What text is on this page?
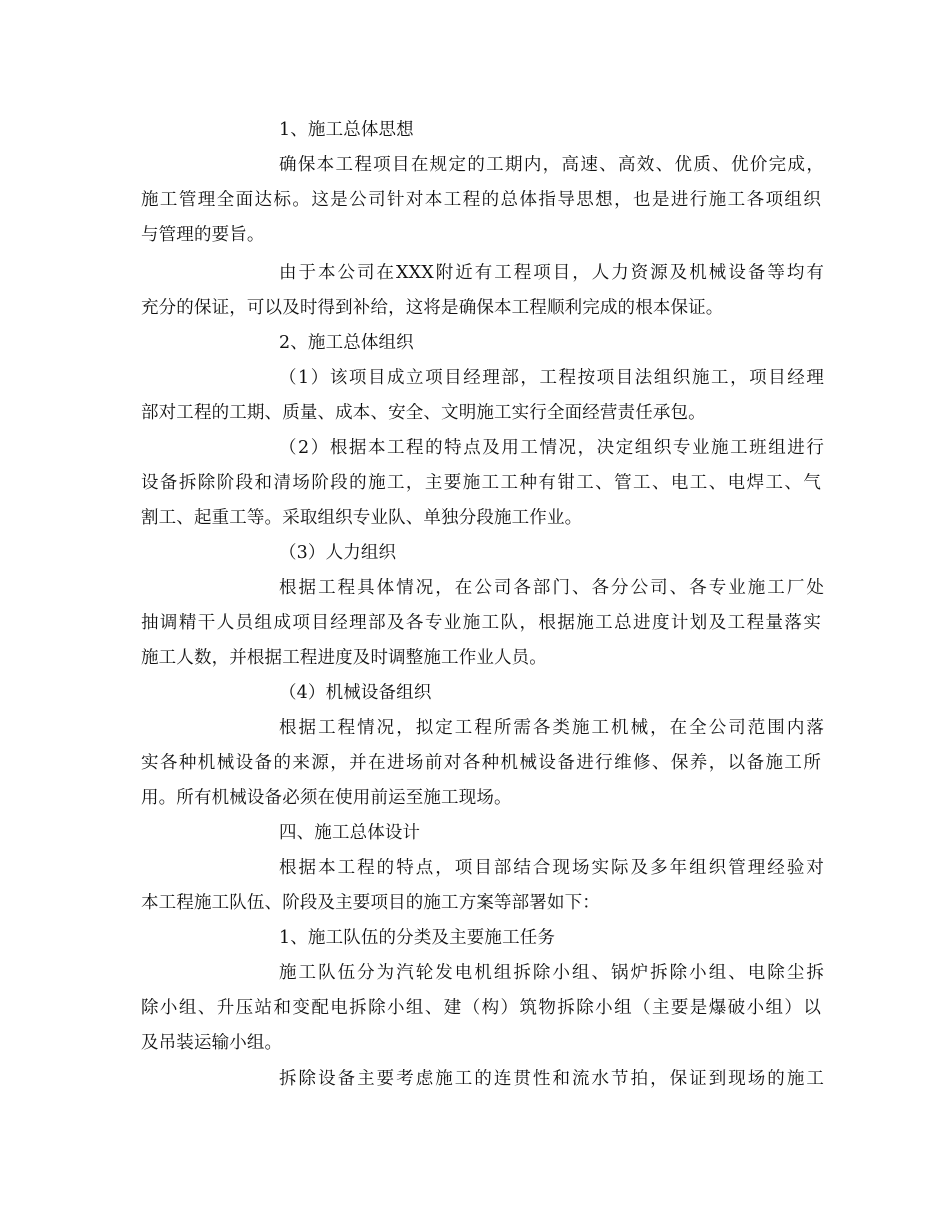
1、施工总体思想
确保本工程项目在规定的工期内，高速、高效、优质、优价完成，
施工管理全面达标。这是公司针对本工程的总体指导思想，也是进行施工各项组织
与管理的要旨。
由于本公司在XXX附近有工程项目，人力资源及机械设备等均有
充分的保证，可以及时得到补给，这将是确保本工程顺利完成的根本保证。
2、施工总体组织
（1）该项目成立项目经理部，工程按项目法组织施工，项目经理
部对工程的工期、质量、成本、安全、文明施工实行全面经营责任承包。
（2）根据本工程的特点及用工情况，决定组织专业施工班组进行
设备拆除阶段和清场阶段的施工，主要施工工种有钳工、管工、电工、电焊工、气
割工、起重工等。采取组织专业队、单独分段施工作业。
（3）人力组织
根据工程具体情况，在公司各部门、各分公司、各专业施工厂处
抽调精干人员组成项目经理部及各专业施工队，根据施工总进度计划及工程量落实
施工人数，并根据工程进度及时调整施工作业人员。
（4）机械设备组织
根据工程情况，拟定工程所需各类施工机械，在全公司范围内落
实各种机械设备的来源，并在进场前对各种机械设备进行维修、保养，以备施工所
用。所有机械设备必须在使用前运至施工现场。
四、施工总体设计
根据本工程的特点，项目部结合现场实际及多年组织管理经验对
本工程施工队伍、阶段及主要项目的施工方案等部署如下：
1、施工队伍的分类及主要施工任务
施工队伍分为汽轮发电机组拆除小组、锅炉拆除小组、电除尘拆
除小组、升压站和变配电拆除小组、建（构）筑物拆除小组（主要是爆破小组）以
及吊装运输小组。
拆除设备主要考虑施工的连贯性和流水节拍，保证到现场的施工
